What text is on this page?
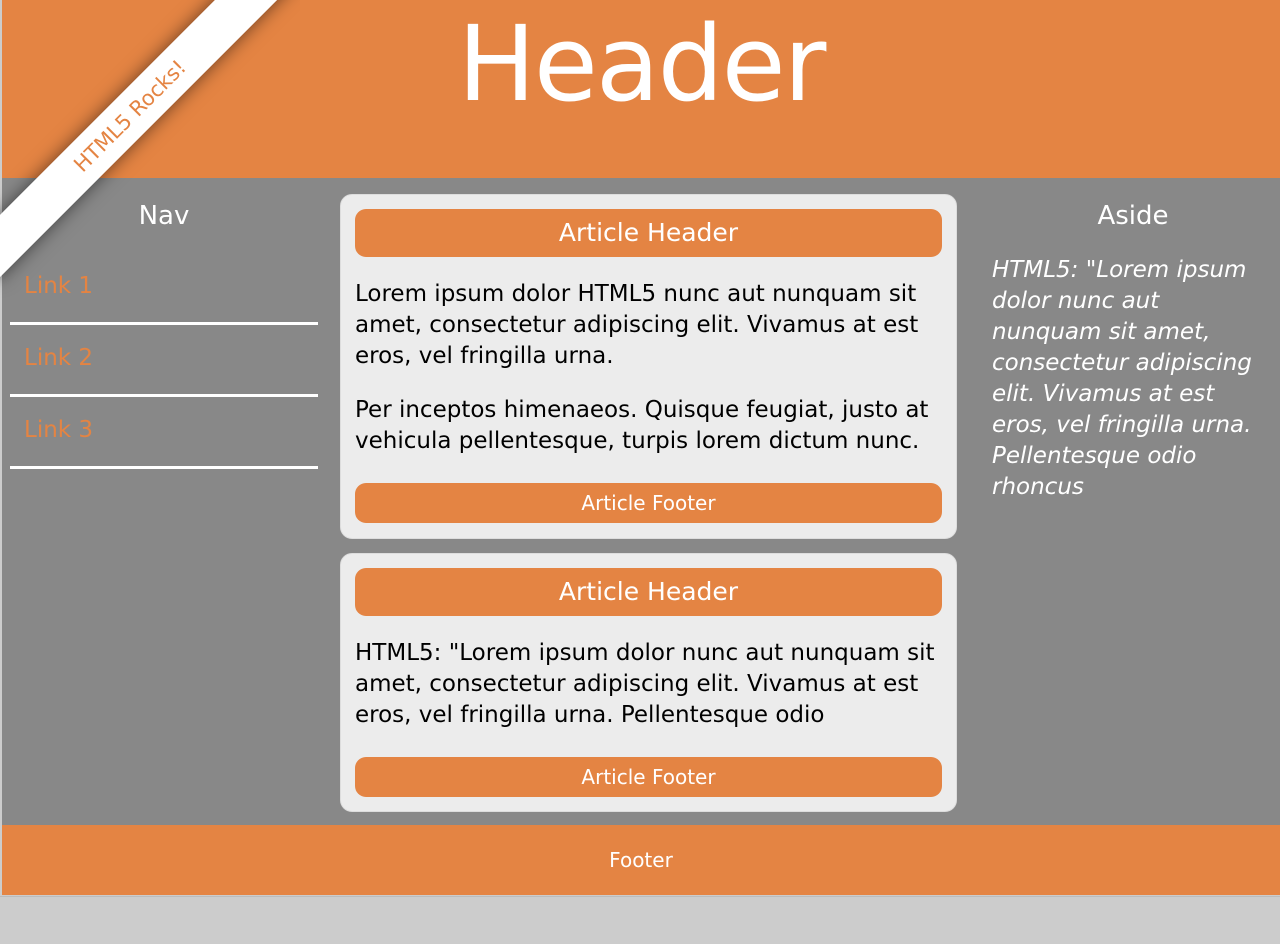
Header
HTML5 Rocks!
Nav
Link 1
Link 2
Link 3
Article Header

Lorem ipsum dolor HTML5 nunc aut nunquam sit amet, consectetur adipiscing elit. Vivamus at est eros, vel fringilla urna.

Per inceptos himenaeos. Quisque feugiat, justo at vehicula pellentesque, turpis lorem dictum nunc.

Article Footer
Article Header

HTML5: "Lorem ipsum dolor nunc aut nunquam sit amet, consectetur adipiscing elit. Vivamus at est eros, vel fringilla urna. Pellentesque odio

Article Footer
Aside

HTML5: "Lorem ipsum dolor nunc aut nunquam sit amet, consectetur adipiscing elit. Vivamus at est eros, vel fringilla urna. Pellentesque odio rhoncus

Footer
